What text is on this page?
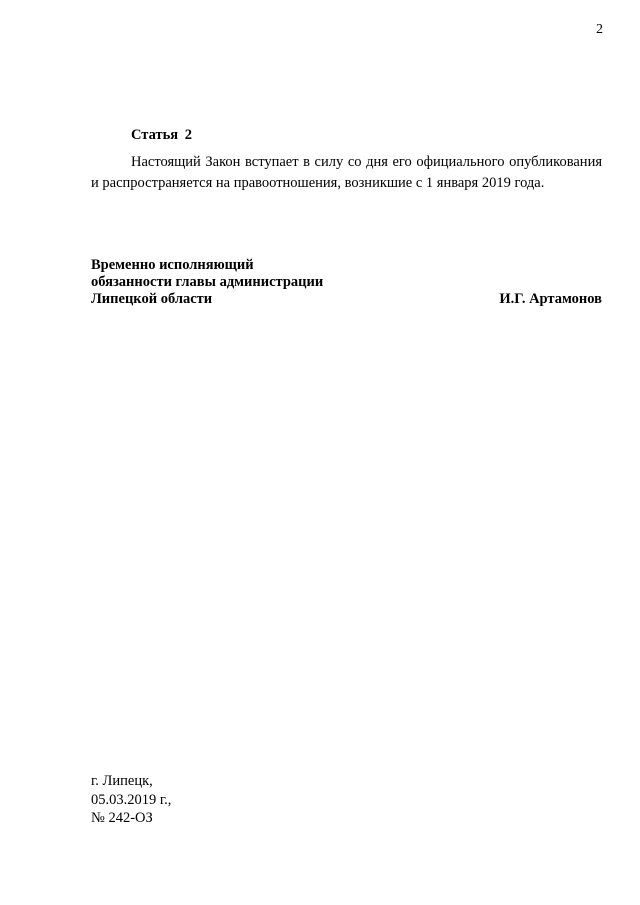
2
Статья 2

Настоящий Закон вступает в силу со дня его официального опубликования и распространяется на правоотношения, возникшие с 1 января 2019 года.

Временно исполняющий
обязанности главы администрации
Липецкой области	И.Г. Артамонов
г. Липецк,
05.03.2019 г.,
№ 242-ОЗ
